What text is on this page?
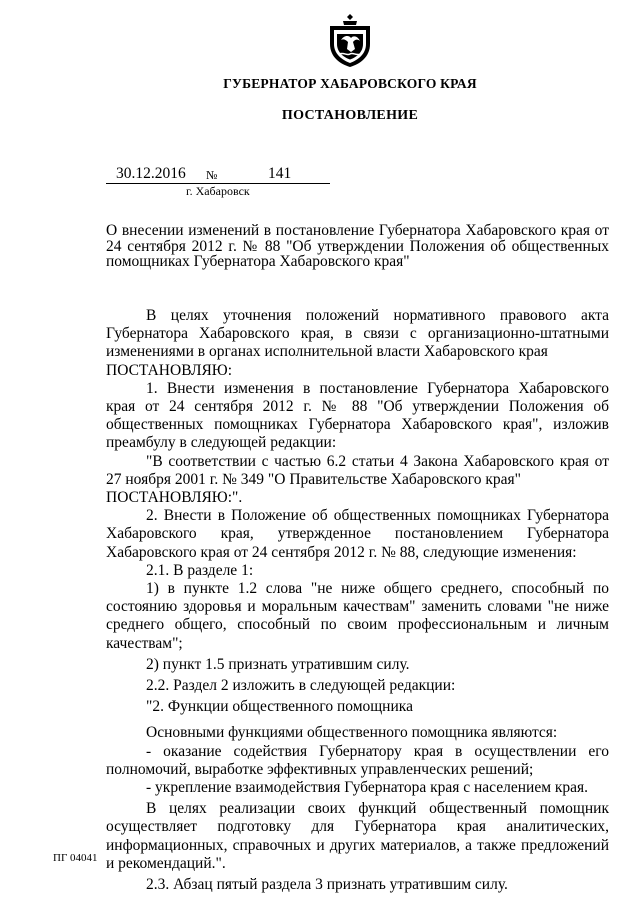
ГУБЕРНАТОР ХАБАРОВСКОГО КРАЯ
ПОСТАНОВЛЕНИЕ
30.12.2016 №	141
г. Хабаровск
О внесении изменений в постановление Губернатора Хабаровского края от 24 сентября 2012 г. № 88 "Об утверждении Положения об общественных помощниках Губернатора Хабаровского края"

В целях уточнения положений нормативного правового акта Губернатора Хабаровского края, в связи с организационно-штатными изменениями в органах исполнительной власти Хабаровского края

ПОСТАНОВЛЯЮ:

1. Внести изменения в постановление Губернатора Хабаровского края от 24 сентября 2012 г. № 88 "Об утверждении Положения об общественных помощниках Губернатора Хабаровского края", изложив преамбулу в следующей редакции:

"В соответствии с частью 6.2 статьи 4 Закона Хабаровского края от 27 ноября 2001 г. № 349 "О Правительстве Хабаровского края"

ПОСТАНОВЛЯЮ:".

2. Внести в Положение об общественных помощниках Губернатора Хабаровского края, утвержденное постановлением Губернатора Хабаровского края от 24 сентября 2012 г. № 88, следующие изменения:

2.1. В разделе 1:

1) в пункте 1.2 слова "не ниже общего среднего, способный по состоянию здоровья и моральным качествам" заменить словами "не ниже среднего общего, способный по своим профессиональным и личным качествам";

2) пункт 1.5 признать утратившим силу.

2.2. Раздел 2 изложить в следующей редакции:

"2. Функции общественного помощника

Основными функциями общественного помощника являются:

- оказание содействия Губернатору края в осуществлении его полномочий, выработке эффективных управленческих решений;

- укрепление взаимодействия Губернатора края с населением края.

В целях реализации своих функций общественный помощник осуществляет подготовку для Губернатора края аналитических, информационных, справочных и других материалов, а также предложений и рекомендаций.".

2.3. Абзац пятый раздела 3 признать утратившим силу.

ПГ 04041
